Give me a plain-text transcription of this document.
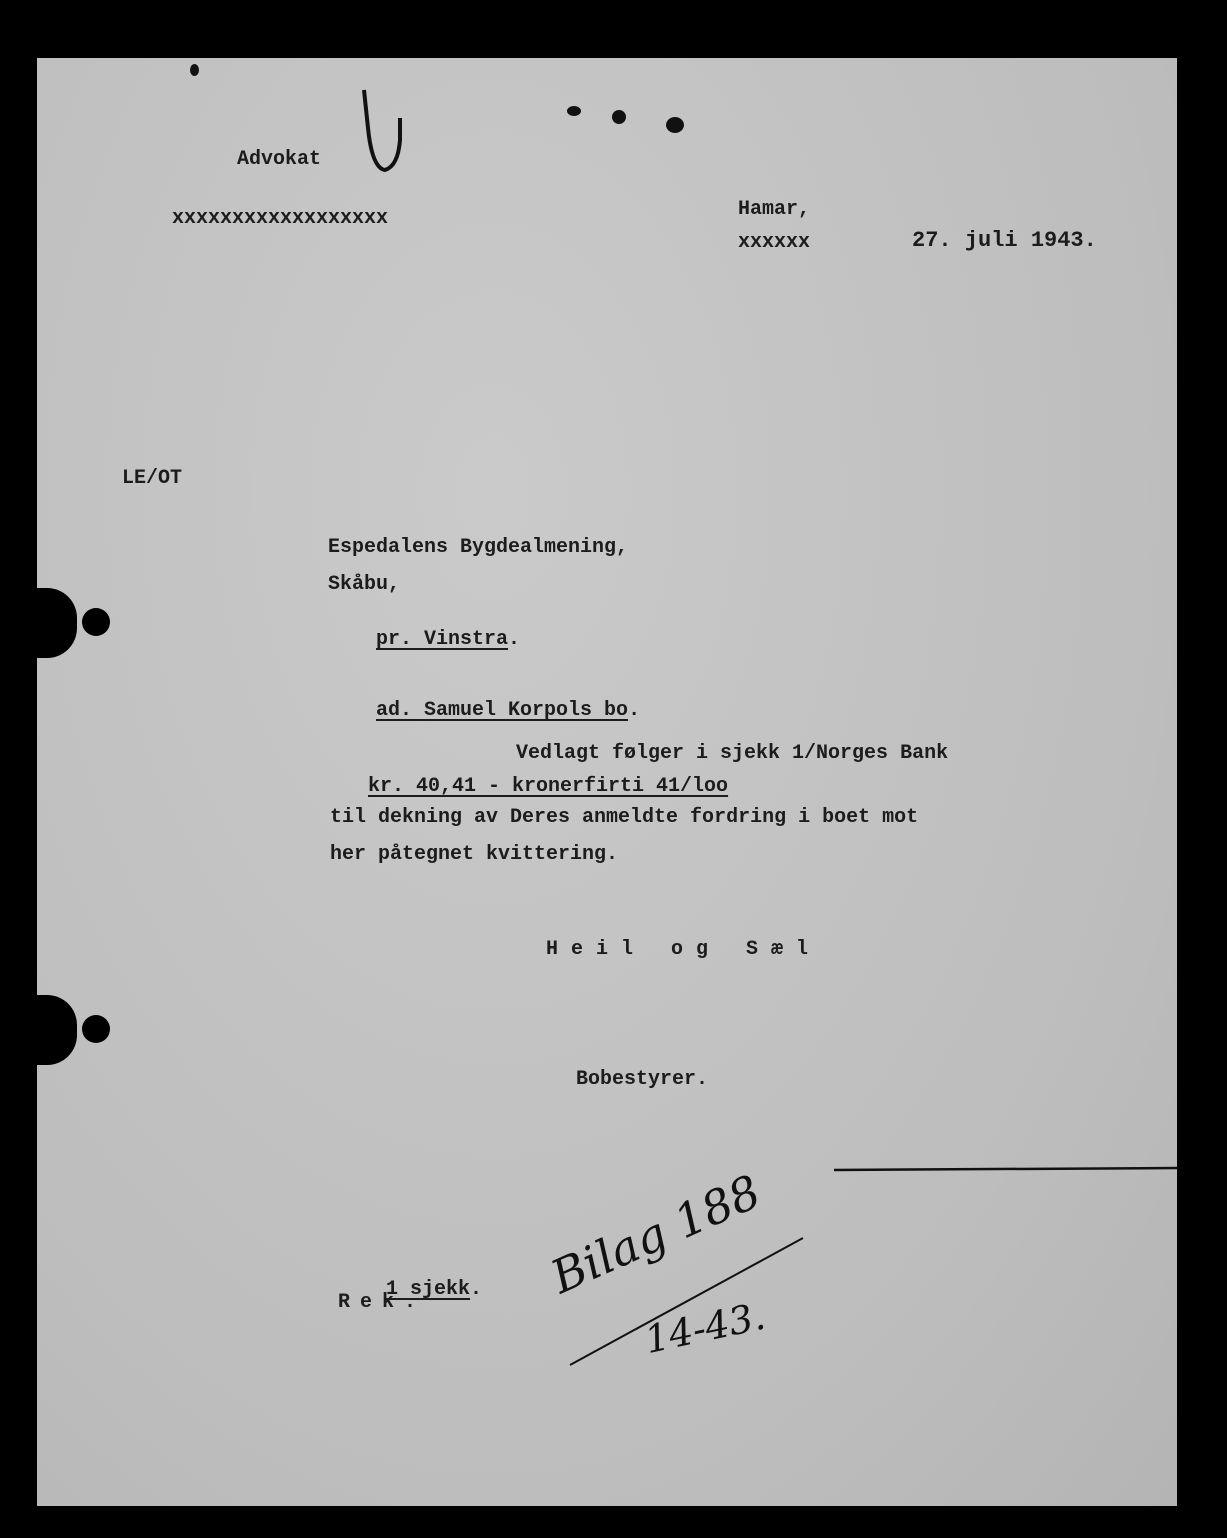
Advokat
xxxxxxxxxxxxxxxxxx	Hamar,
xxxxxx	27. juli 1943.
LE/OT
Espedalens Bygdealmening,
Skåbu,

pr. Vinstra.

ad. Samuel Korpols bo.

Vedlagt følger i sjekk 1/Norges Bank
kr. 40,41 - kronerfirti 41/loo
til dekning av Deres anmeldte fordring i boet mot
her påtegnet kvittering.
Heil og Sæl
Bobestyrer.

1 sjekk.

Rek.	Bilag 188
14-43.
